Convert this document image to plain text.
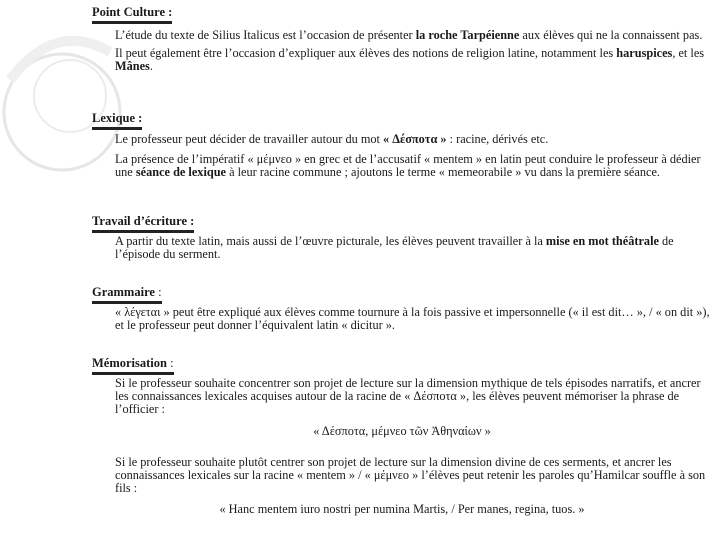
Point Culture :

L’étude du texte de Silius Italicus est l’occasion de présenter la roche Tarpéienne aux élèves qui ne la connaissent pas.

Il peut également être l’occasion d’expliquer aux élèves des notions de religion latine, notamment les haruspices, et les Mânes.

Lexique :

Le professeur peut décider de travailler autour du mot « Δέσποτα » : racine, dérivés etc.

La présence de l’impératif « μέμνεο » en grec et de l’accusatif « mentem » en latin peut conduire le professeur à dédier une séance de lexique à leur racine commune ; ajoutons le terme « memeorabile » vu dans la première séance.

Travail d’écriture :

A partir du texte latin, mais aussi de l’œuvre picturale, les élèves peuvent travailler à la mise en mot théâtrale de l’épisode du serment.

Grammaire :

« λέγεται » peut être expliqué aux élèves comme tournure à la fois passive et impersonnelle (« il est dit… », / « on dit »), et le professeur peut donner l’équivalent latin « dicitur ».

Mémorisation :

Si le professeur souhaite concentrer son projet de lecture sur la dimension mythique de tels épisodes narratifs, et ancrer les connaissances lexicales acquises autour de la racine de « Δέσποτα », les élèves peuvent mémoriser la phrase de l’officier :

« Δέσποτα, μέμνεο τῶν Ἀθηναίων »

Si le professeur souhaite plutôt centrer son projet de lecture sur la dimension divine de ces serments, et ancrer les connaissances lexicales sur la racine « mentem » / « μέμνεο » l’élèves peut retenir les paroles qu’Hamilcar souffle à son fils :

« Hanc mentem iuro nostri per numina Martis, / Per manes, regina, tuos. »
